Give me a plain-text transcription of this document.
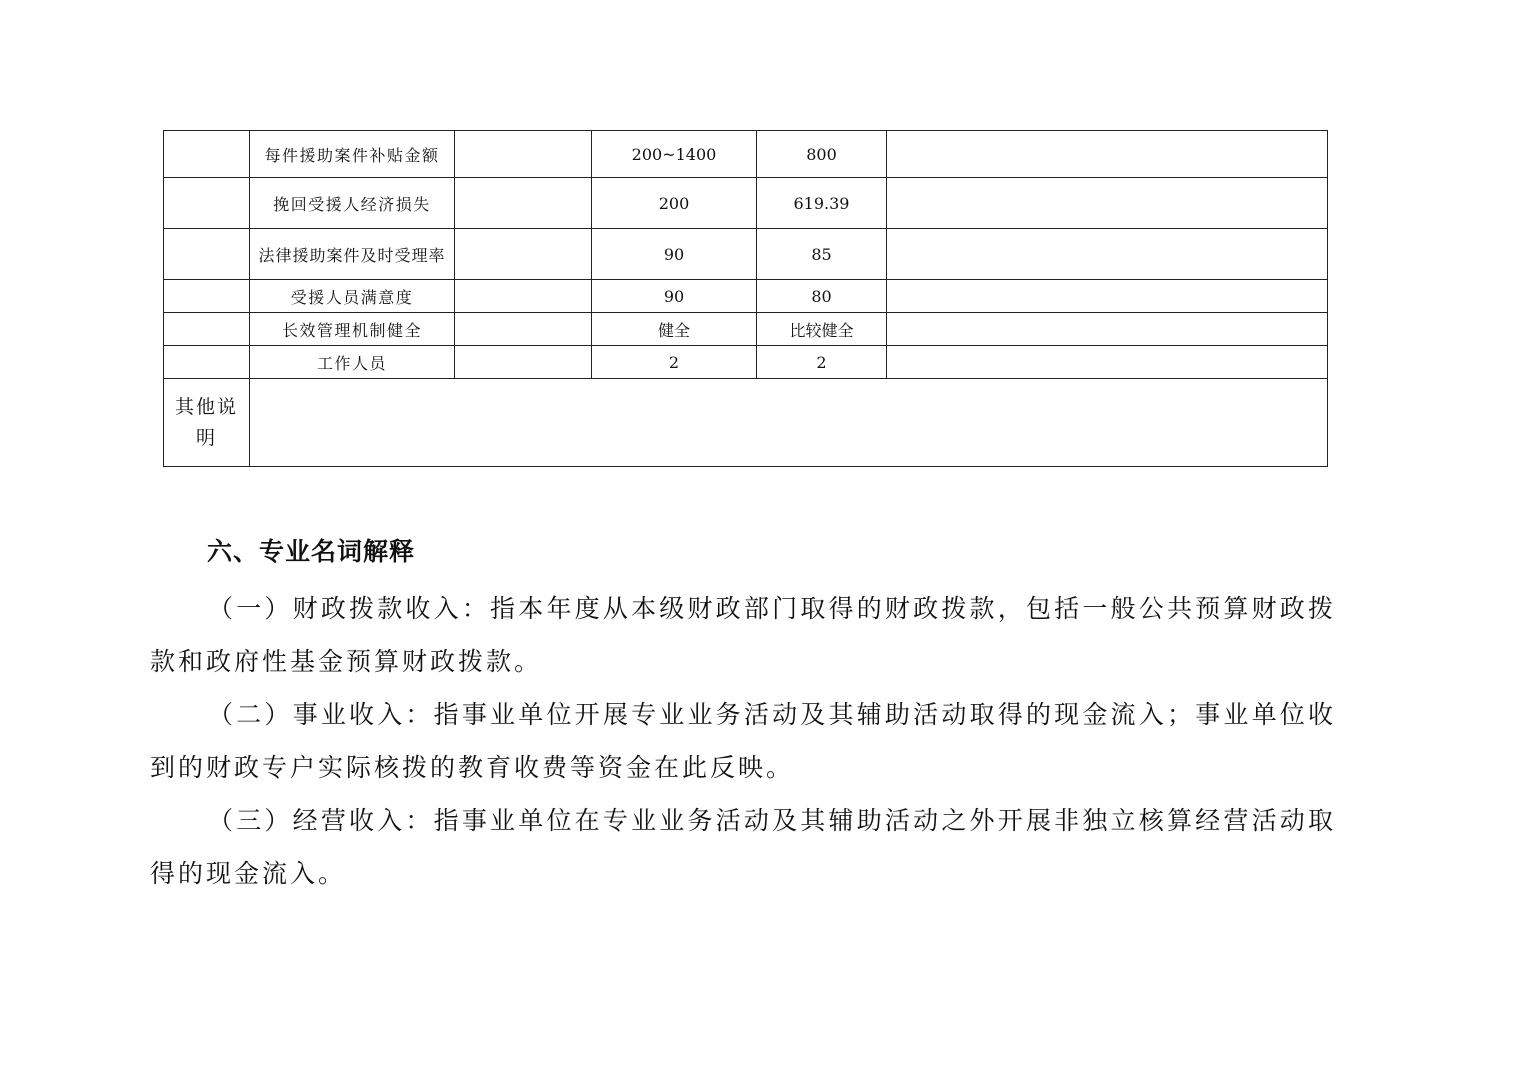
	每件援助案件补贴金额		200~1400	800	
	挽回受援人经济损失		200	619.39	
	法律援助案件及时受理率		90	85	
	受援人员满意度		90	80	
	长效管理机制健全		健全	比较健全	
	工作人员		2	2	
其他说明					
六、专业名词解释

（一）财政拨款收入：指本年度从本级财政部门取得的财政拨款，包括一般公共预算财政拨款和政府性基金预算财政拨款。

（二）事业收入：指事业单位开展专业业务活动及其辅助活动取得的现金流入；事业单位收到的财政专户实际核拨的教育收费等资金在此反映。

（三）经营收入：指事业单位在专业业务活动及其辅助活动之外开展非独立核算经营活动取得的现金流入。
